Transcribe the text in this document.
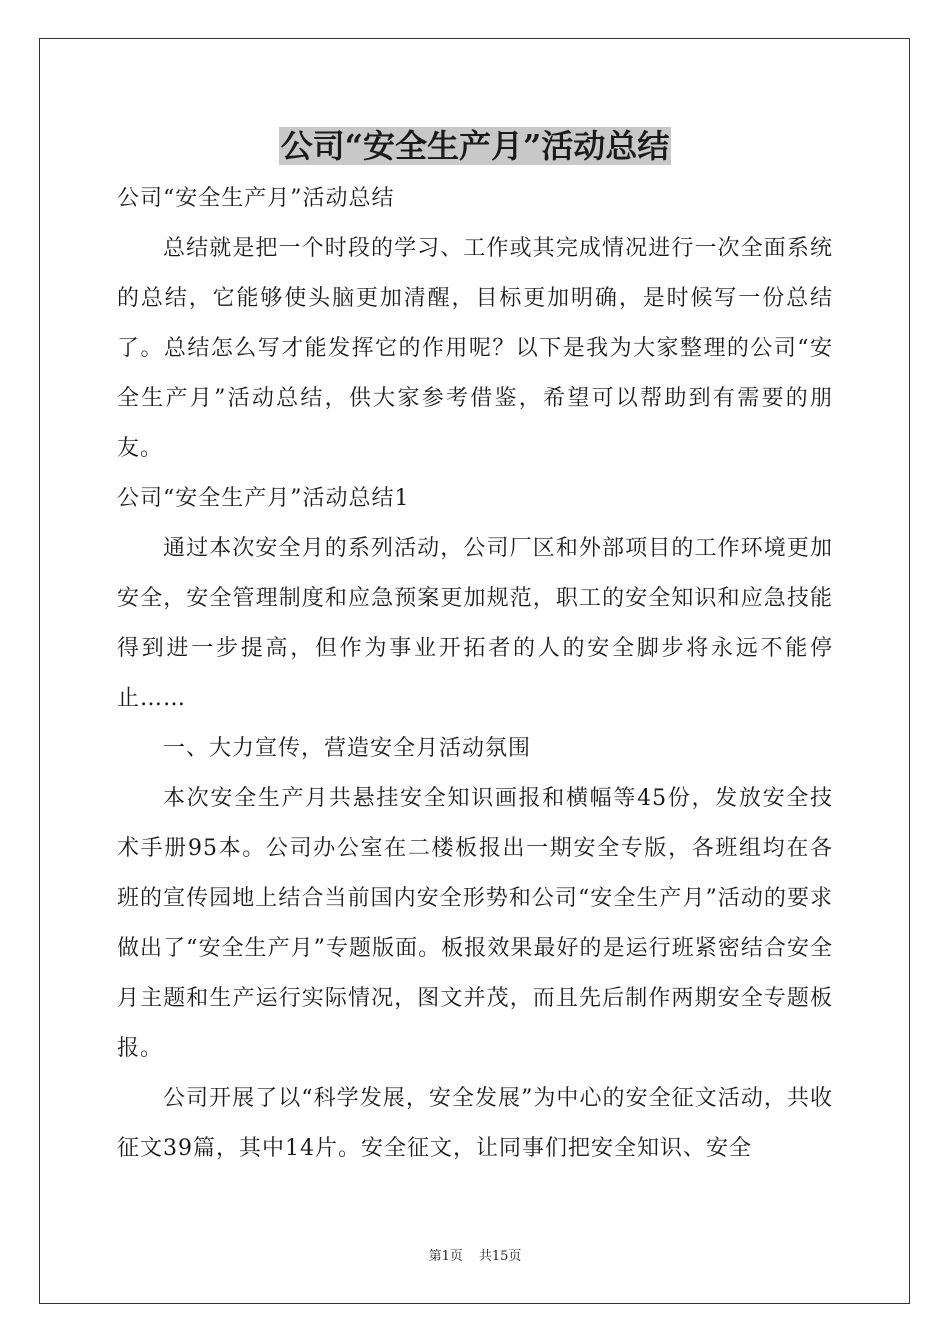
公司“安全生产月”活动总结

公司“安全生产月”活动总结

总结就是把一个时段的学习、工作或其完成情况进行一次全面系统的总结，它能够使头脑更加清醒，目标更加明确，是时候写一份总结了。总结怎么写才能发挥它的作用呢？以下是我为大家整理的公司“安全生产月”活动总结，供大家参考借鉴，希望可以帮助到有需要的朋友。

公司“安全生产月”活动总结1

通过本次安全月的系列活动，公司厂区和外部项目的工作环境更加安全，安全管理制度和应急预案更加规范，职工的安全知识和应急技能得到进一步提高，但作为事业开拓者的人的安全脚步将永远不能停止……

一、大力宣传，营造安全月活动氛围

本次安全生产月共悬挂安全知识画报和横幅等45份，发放安全技术手册95本。公司办公室在二楼板报出一期安全专版，各班组均在各班的宣传园地上结合当前国内安全形势和公司“安全生产月”活动的要求做出了“安全生产月”专题版面。板报效果最好的是运行班紧密结合安全月主题和生产运行实际情况，图文并茂，而且先后制作两期安全专题板报。

公司开展了以“科学发展，安全发展”为中心的安全征文活动，共收征文39篇，其中14片。安全征文，让同事们把安全知识、安全

第1页 共15页
